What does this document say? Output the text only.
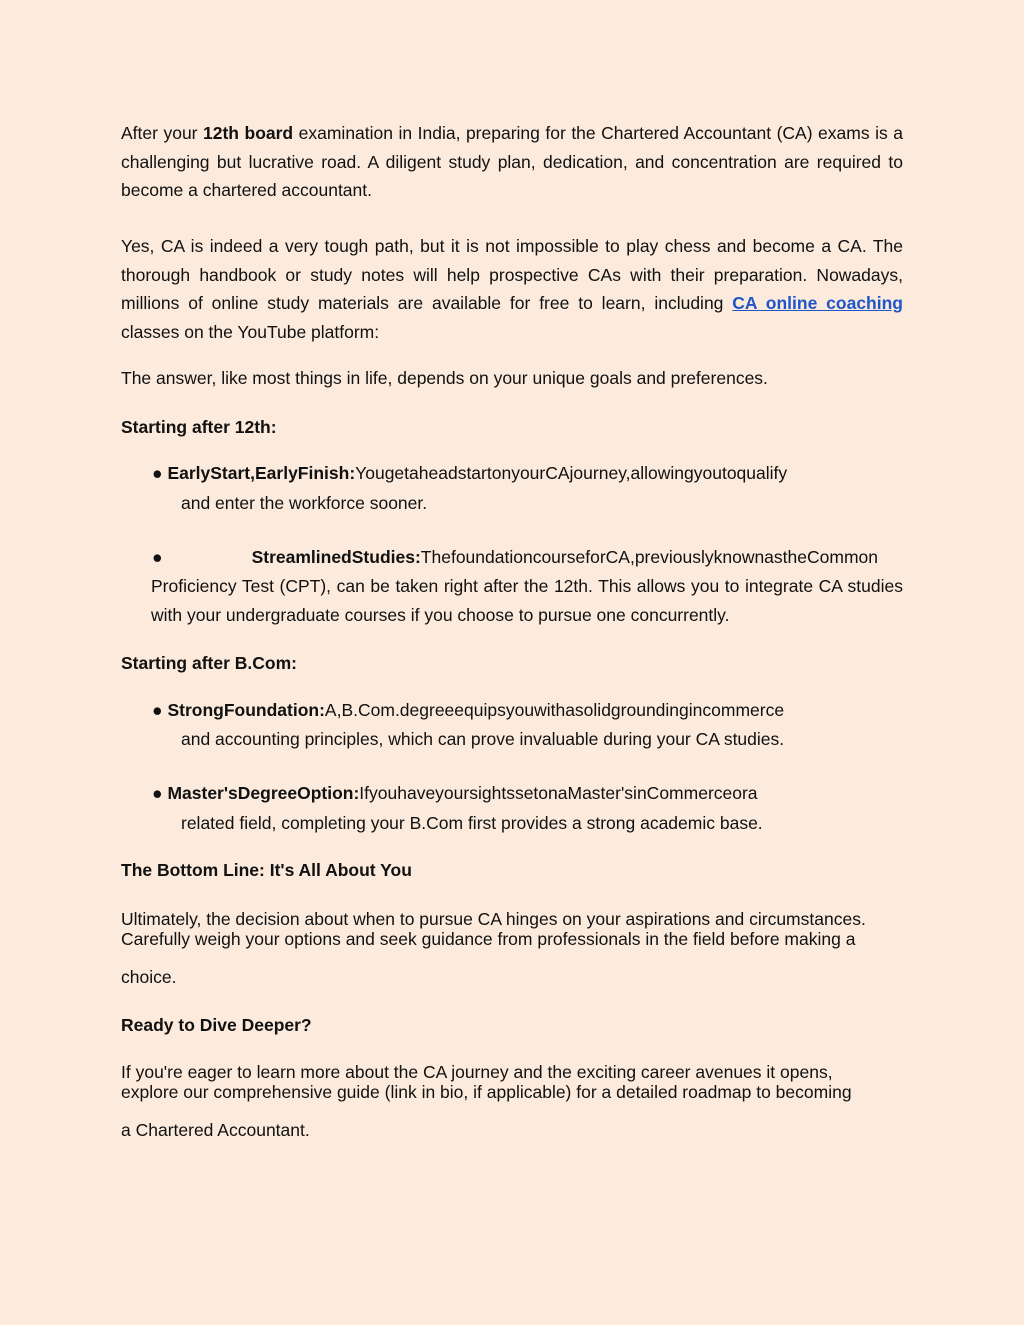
After your 12th board examination in India, preparing for the Chartered Accountant (CA) exams is a challenging but lucrative road. A diligent study plan, dedication, and concentration are required to become a chartered accountant.

Yes, CA is indeed a very tough path, but it is not impossible to play chess and become a CA. The thorough handbook or study notes will help prospective CAs with their preparation. Nowadays, millions of online study materials are available for free to learn, including CA online coaching classes on the YouTube platform:

The answer, like most things in life, depends on your unique goals and preferences.

Starting after 12th:

● EarlyStart,EarlyFinish:YougetaheadstartonyourCAjourney,allowingyoutoqualify

and enter the workforce sooner.

●	StreamlinedStudies:ThefoundationcourseforCA,previouslyknownastheCommon

Proficiency Test (CPT), can be taken right after the 12th. This allows you to integrate CA studies with your undergraduate courses if you choose to pursue one concurrently.

Starting after B.Com:

● StrongFoundation:A,B.Com.degreeequipsyouwithasolidgroundingincommerce

and accounting principles, which can prove invaluable during your CA studies.

● Master'sDegreeOption:IfyouhaveyoursightssetonaMaster'sinCommerceora

related field, completing your B.Com first provides a strong academic base.

The Bottom Line: It's All About You

Ultimately, the decision about when to pursue CA hinges on your aspirations and circumstances.

Carefully weigh your options and seek guidance from professionals in the field before making a

choice.

Ready to Dive Deeper?

If you're eager to learn more about the CA journey and the exciting career avenues it opens,

explore our comprehensive guide (link in bio, if applicable) for a detailed roadmap to becoming

a Chartered Accountant.
